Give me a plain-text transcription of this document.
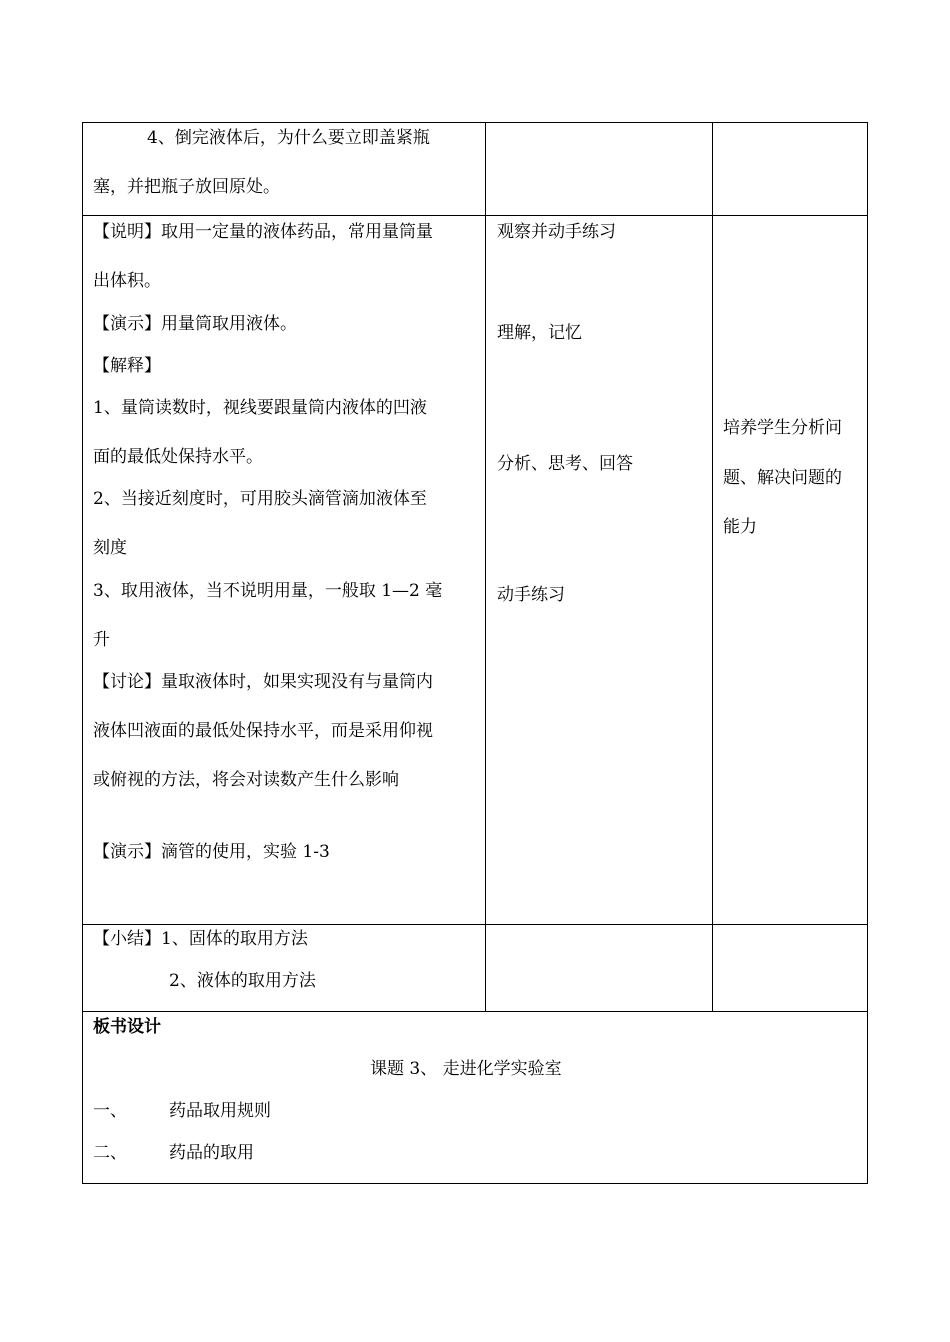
4、倒完液体后，为什么要立即盖紧瓶
塞，并把瓶子放回原处。
【说明】取用一定量的液体药品，常用量筒量
出体积。
【演示】用量筒取用液体。
【解释】
1、量筒读数时，视线要跟量筒内液体的凹液
面的最低处保持水平。
2、当接近刻度时，可用胶头滴管滴加液体至
刻度
3、取用液体，当不说明用量，一般取 1—2 毫
升
【讨论】量取液体时，如果实现没有与量筒内
液体凹液面的最低处保持水平，而是采用仰视
或俯视的方法，将会对读数产生什么影响
【演示】滴管的使用，实验 1-3
观察并动手练习
理解，记忆
分析、思考、回答
动手练习
培养学生分析问
题、解决问题的
能力
【小结】1、固体的取用方法
2、液体的取用方法
板书设计
课题 3、 走进化学实验室
一、 药品取用规则
二、 药品的取用
